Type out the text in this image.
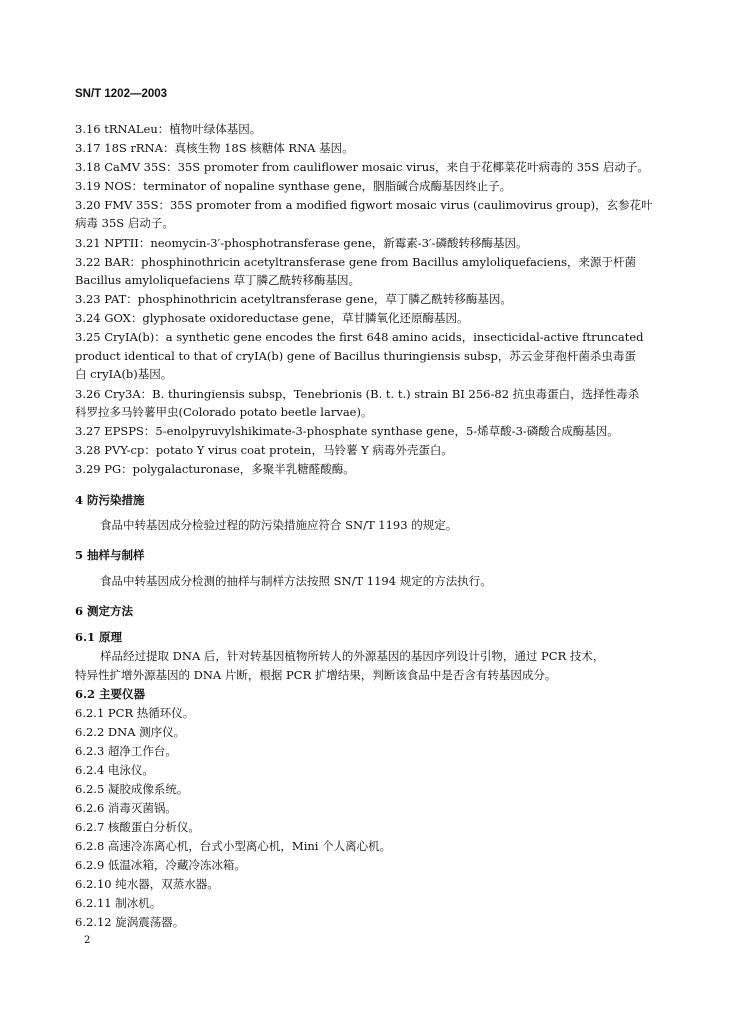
SN/T 1202—2003
3.16 tRNALeu：植物叶绿体基因。
3.17 18S rRNA：真核生物 18S 核糖体 RNA 基因。
3.18 CaMV 35S：35S promoter from cauliflower mosaic virus，来自于花椰菜花叶病毒的 35S 启动子。
3.19 NOS：terminator of nopaline synthase gene，胭脂碱合成酶基因终止子。
3.20 FMV 35S：35S promoter from a modified figwort mosaic virus (caulimovirus group)，玄参花叶
病毒 35S 启动子。
3.21 NPTII：neomycin-3′-phosphotransferase gene，新霉素-3′-磷酸转移酶基因。
3.22 BAR：phosphinothricin acetyltransferase gene from Bacillus amyloliquefaciens，来源于杆菌
Bacillus amyloliquefaciens 草丁膦乙酰转移酶基因。
3.23 PAT：phosphinothricin acetyltransferase gene，草丁膦乙酰转移酶基因。
3.24 GOX：glyphosate oxidoreductase gene，草甘膦氧化还原酶基因。
3.25 CryIA(b)：a synthetic gene encodes the first 648 amino acids，insecticidal-active ftruncated
product identical to that of cryIA(b) gene of Bacillus thuringiensis subsp，苏云金芽孢杆菌杀虫毒蛋
白 cryIA(b)基因。
3.26 Cry3A：B. thuringiensis subsp，Tenebrionis (B. t. t.) strain BI 256-82 抗虫毒蛋白，选择性毒杀
科罗拉多马铃薯甲虫(Colorado potato beetle larvae)。
3.27 EPSPS：5-enolpyruvylshikimate-3-phosphate synthase gene，5-烯草酸-3-磷酸合成酶基因。
3.28 PVY-cp：potato Y virus coat protein，马铃薯 Y 病毒外壳蛋白。
3.29 PG：polygalacturonase，多聚半乳糖醛酸酶。
4 防污染措施
食品中转基因成分检验过程的防污染措施应符合 SN/T 1193 的规定。
5 抽样与制样
食品中转基因成分检测的抽样与制样方法按照 SN/T 1194 规定的方法执行。
6 测定方法
6.1 原理
样品经过提取 DNA 后，针对转基因植物所转人的外源基因的基因序列设计引物，通过 PCR 技术，
特异性扩增外源基因的 DNA 片断，根据 PCR 扩增结果，判断该食品中是否含有转基因成分。
6.2 主要仪器
6.2.1 PCR 热循环仪。
6.2.2 DNA 测序仪。
6.2.3 超净工作台。
6.2.4 电泳仪。
6.2.5 凝胶成像系统。
6.2.6 消毒灭菌锅。
6.2.7 核酸蛋白分析仪。
6.2.8 高速冷冻离心机，台式小型离心机，Mini 个人离心机。
6.2.9 低温冰箱，冷藏冷冻冰箱。
6.2.10 纯水器，双蒸水器。
6.2.11 制冰机。
6.2.12 旋涡震荡器。
2
